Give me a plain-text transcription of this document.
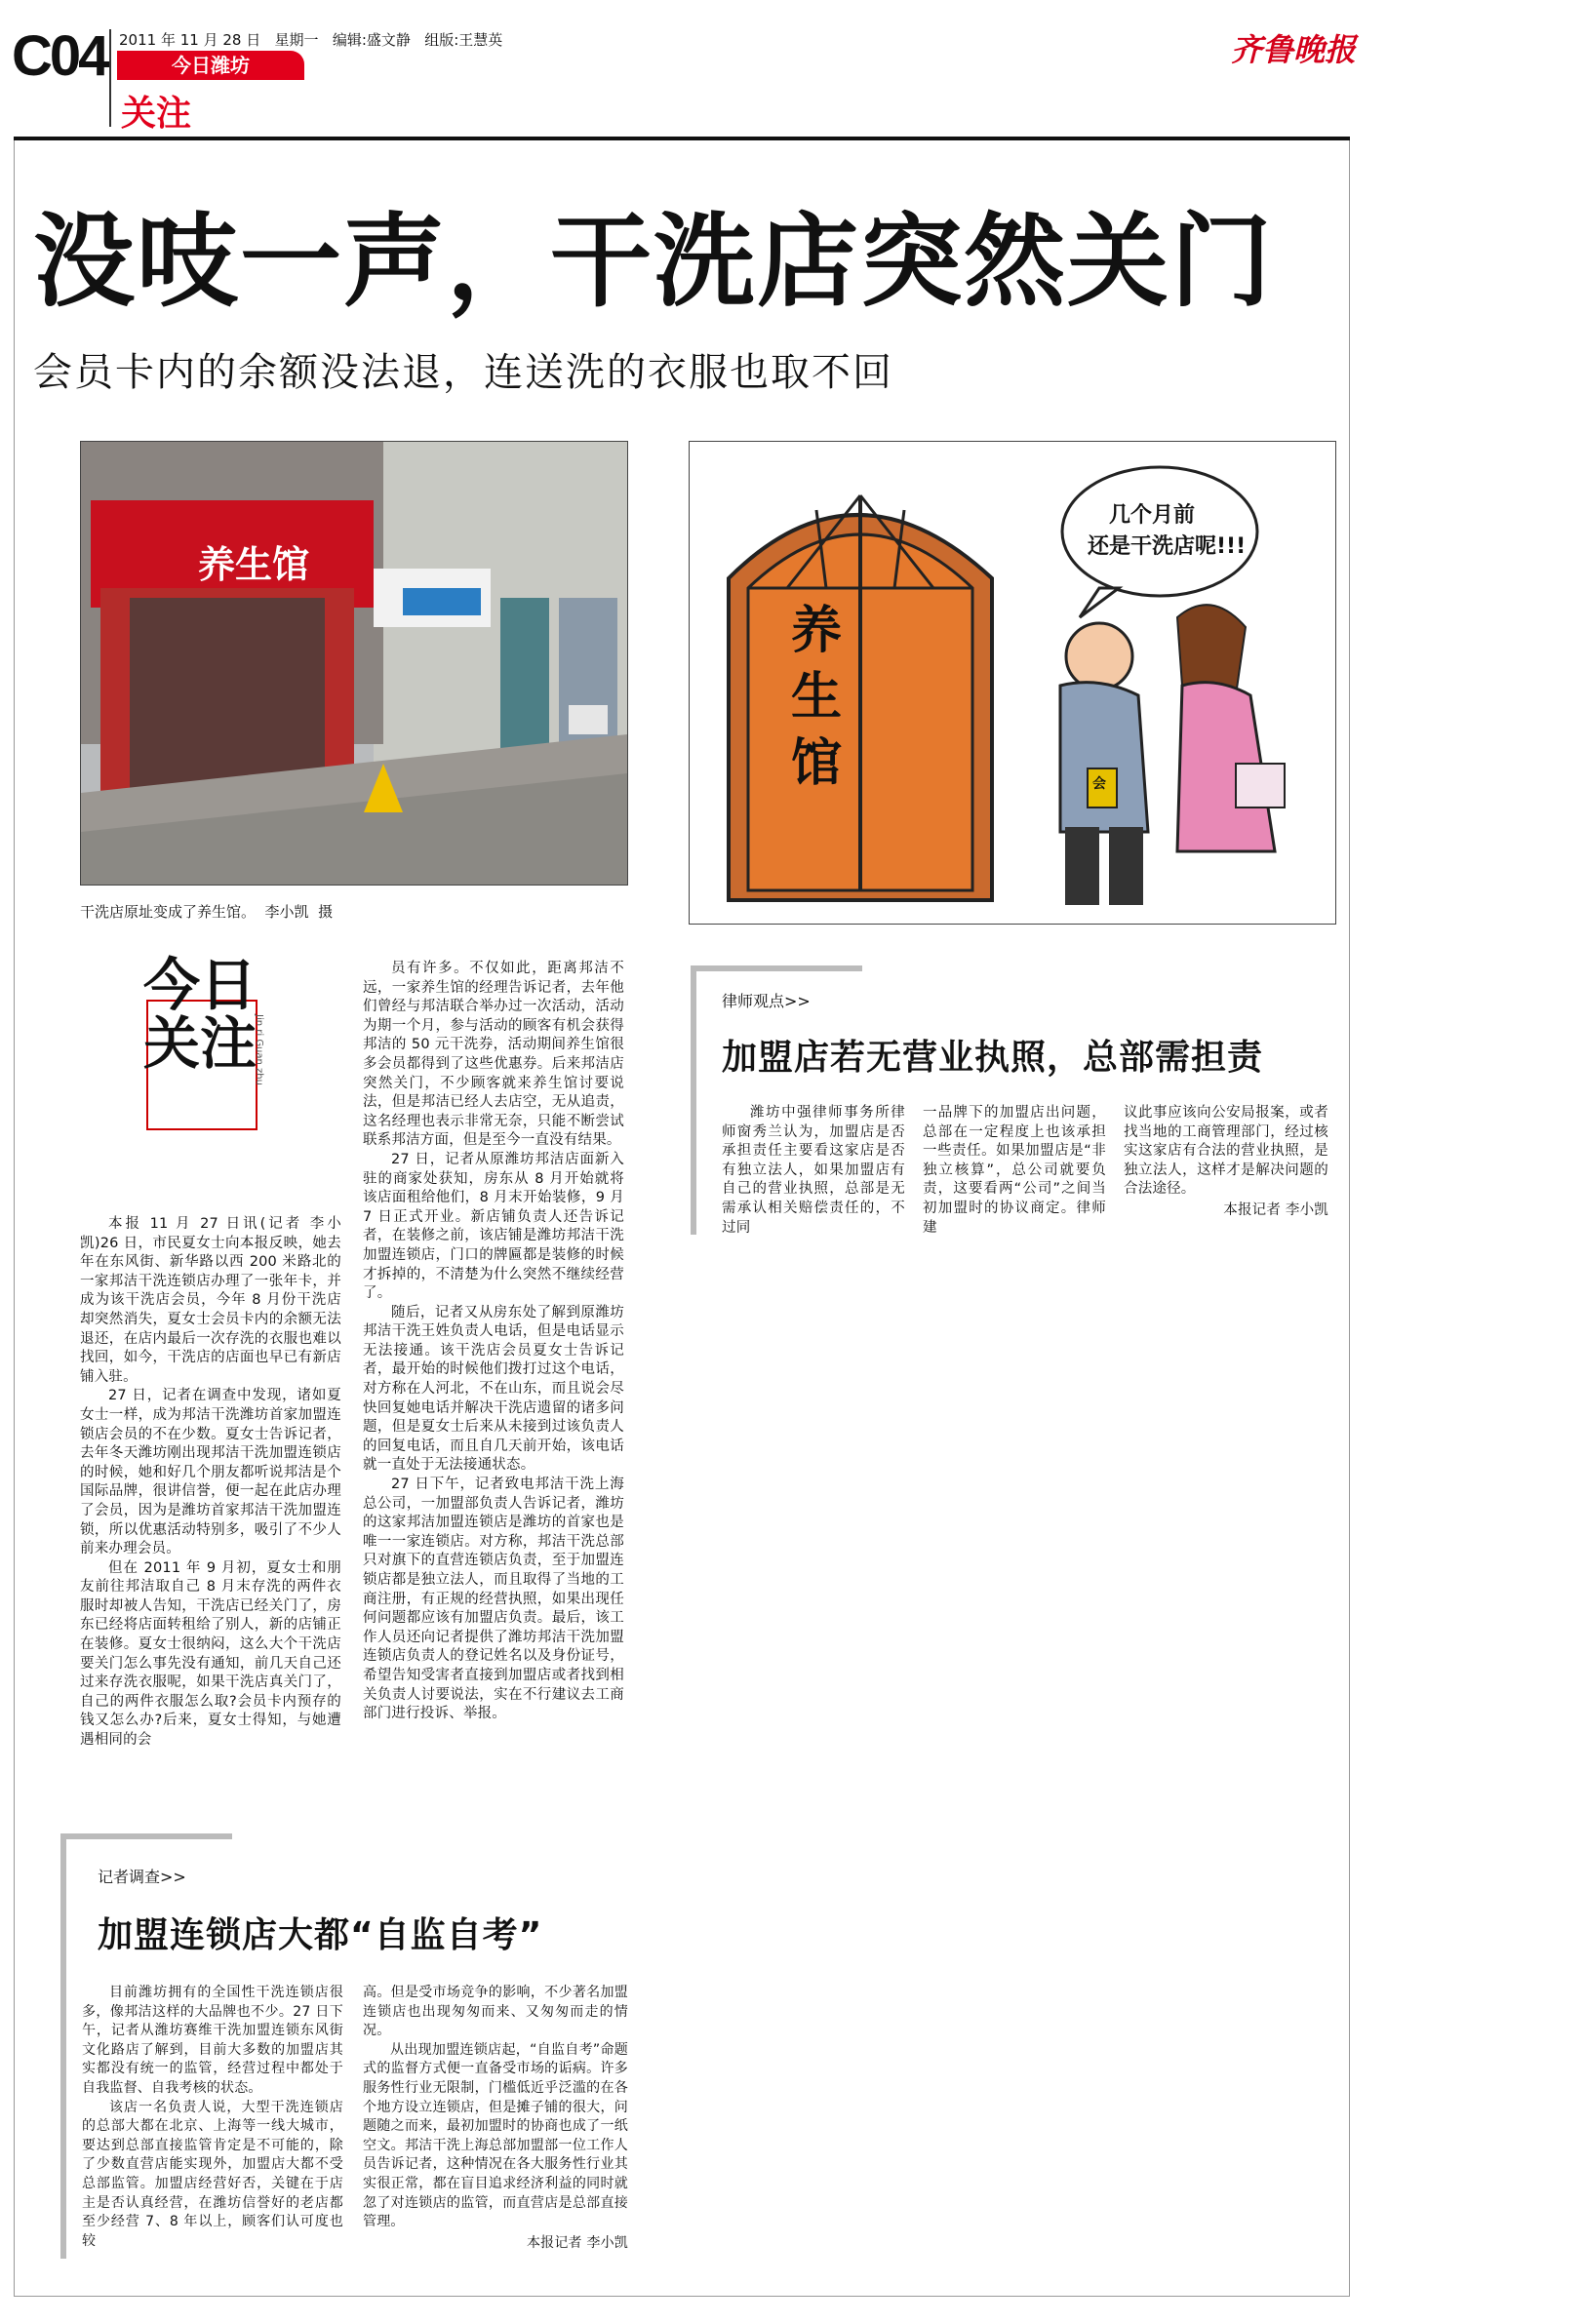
C04 2011 年 11 月 28 日 星期一 编辑:盛文静 组版:王慧英
今日潍坊
关注
齐鲁晚报
没吱一声，干洗店突然关门
会员卡内的余额没法退，连送洗的衣服也取不回
养生馆
干洗店原址变成了养生馆。  李小凯  摄
养生馆
几个月前
还是干洗店呢!!!
会
今日关注
Jin ri Guan zhu

本报 11 月 27 日讯(记者 李小凯)26 日，市民夏女士向本报反映，她去年在东风街、新华路以西 200 米路北的一家邦洁干洗连锁店办理了一张年卡，并成为该干洗店会员，今年 8 月份干洗店却突然消失，夏女士会员卡内的余额无法退还，在店内最后一次存洗的衣服也难以找回，如今，干洗店的店面也早已有新店铺入驻。

27 日，记者在调查中发现，诸如夏女士一样，成为邦洁干洗潍坊首家加盟连锁店会员的不在少数。夏女士告诉记者，去年冬天潍坊刚出现邦洁干洗加盟连锁店的时候，她和好几个朋友都听说邦洁是个国际品牌，很讲信誉，便一起在此店办理了会员，因为是潍坊首家邦洁干洗加盟连锁，所以优惠活动特别多，吸引了不少人前来办理会员。

但在 2011 年 9 月初，夏女士和朋友前往邦洁取自己 8 月末存洗的两件衣服时却被人告知，干洗店已经关门了，房东已经将店面转租给了别人，新的店铺正在装修。夏女士很纳闷，这么大个干洗店要关门怎么事先没有通知，前几天自己还过来存洗衣服呢，如果干洗店真关门了，自己的两件衣服怎么取?会员卡内预存的钱又怎么办?后来，夏女士得知，与她遭遇相同的会

员有许多。不仅如此，距离邦洁不远，一家养生馆的经理告诉记者，去年他们曾经与邦洁联合举办过一次活动，活动为期一个月，参与活动的顾客有机会获得邦洁的 50 元干洗券，活动期间养生馆很多会员都得到了这些优惠券。后来邦洁店突然关门，不少顾客就来养生馆讨要说法，但是邦洁已经人去店空，无从追责，这名经理也表示非常无奈，只能不断尝试联系邦洁方面，但是至今一直没有结果。

27 日，记者从原潍坊邦洁店面新入驻的商家处获知，房东从 8 月开始就将该店面租给他们，8 月末开始装修，9 月 7 日正式开业。新店铺负责人还告诉记者，在装修之前，该店铺是潍坊邦洁干洗加盟连锁店，门口的牌匾都是装修的时候才拆掉的，不清楚为什么突然不继续经营了。

随后，记者又从房东处了解到原潍坊邦洁干洗王姓负责人电话，但是电话显示无法接通。该干洗店会员夏女士告诉记者，最开始的时候他们拨打过这个电话，对方称在人河北，不在山东，而且说会尽快回复她电话并解决干洗店遗留的诸多问题，但是夏女士后来从未接到过该负责人的回复电话，而且自几天前开始，该电话就一直处于无法接通状态。

27 日下午，记者致电邦洁干洗上海总公司，一加盟部负责人告诉记者，潍坊的这家邦洁加盟连锁店是潍坊的首家也是唯一一家连锁店。对方称，邦洁干洗总部只对旗下的直营连锁店负责，至于加盟连锁店都是独立法人，而且取得了当地的工商注册，有正规的经营执照，如果出现任何问题都应该有加盟店负责。最后，该工作人员还向记者提供了潍坊邦洁干洗加盟连锁店负责人的登记姓名以及身份证号，希望告知受害者直接到加盟店或者找到相关负责人讨要说法，实在不行建议去工商部门进行投诉、举报。

律师观点>>
加盟店若无营业执照，总部需担责

潍坊中强律师事务所律师窗秀兰认为，加盟店是否承担责任主要看这家店是否有独立法人，如果加盟店有自己的营业执照，总部是无需承认相关赔偿责任的，不过同

一品牌下的加盟店出问题，总部在一定程度上也该承担一些责任。如果加盟店是“非独立核算”，总公司就要负责，这要看两“公司”之间当初加盟时的协议商定。律师建

议此事应该向公安局报案，或者找当地的工商管理部门，经过核实这家店有合法的营业执照，是独立法人，这样才是解决问题的合法途径。

本报记者 李小凯
记者调查>>
加盟连锁店大都“自监自考”

目前潍坊拥有的全国性干洗连锁店很多，像邦洁这样的大品牌也不少。27 日下午，记者从潍坊赛维干洗加盟连锁东风街文化路店了解到，目前大多数的加盟店其实都没有统一的监管，经营过程中都处于自我监督、自我考核的状态。

该店一名负责人说，大型干洗连锁店的总部大都在北京、上海等一线大城市，要达到总部直接监管肯定是不可能的，除了少数直营店能实现外，加盟店大都不受总部监管。加盟店经营好否，关键在于店主是否认真经营，在潍坊信誉好的老店都至少经营 7、8 年以上，顾客们认可度也较

高。但是受市场竞争的影响，不少著名加盟连锁店也出现匆匆而来、又匆匆而走的情况。

从出现加盟连锁店起，“自监自考”命题式的监督方式便一直备受市场的诟病。许多服务性行业无限制，门槛低近乎泛滥的在各个地方设立连锁店，但是摊子铺的很大，问题随之而来，最初加盟时的协商也成了一纸空文。邦洁干洗上海总部加盟部一位工作人员告诉记者，这种情况在各大服务性行业其实很正常，都在盲目追求经济利益的同时就忽了对连锁店的监管，而直营店是总部直接管理。

本报记者 李小凯
